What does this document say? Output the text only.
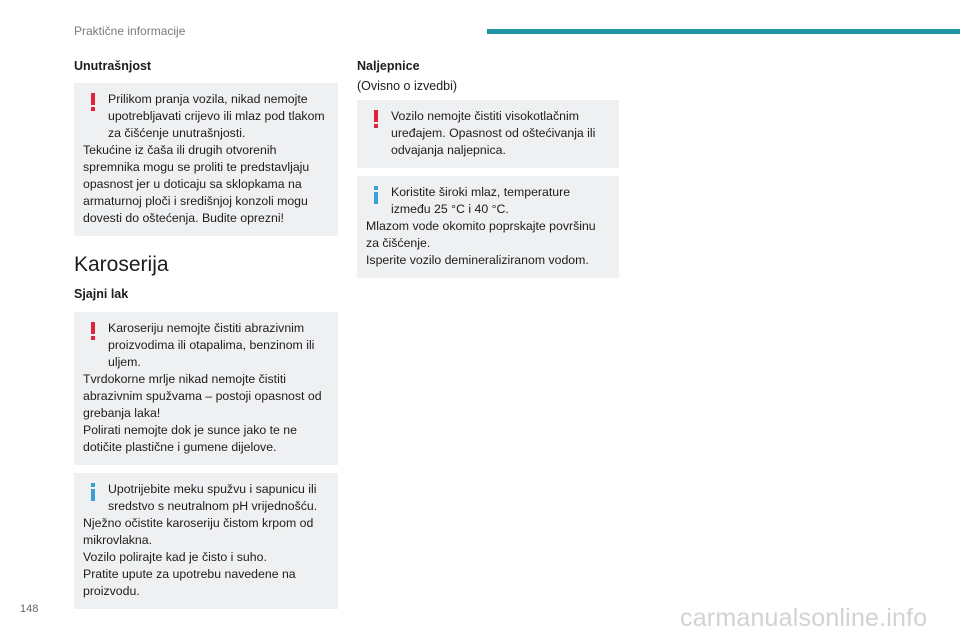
Praktične informacije
Unutrašnjost

Prilikom pranja vozila, nikad nemojte upotrebljavati crijevo ili mlaz pod tlakom za čišćenje unutrašnjosti.

Tekućine iz čaša ili drugih otvorenih spremnika mogu se proliti te predstavljaju opasnost jer u doticaju sa sklopkama na armaturnoj ploči i središnjoj konzoli mogu dovesti do oštećenja. Budite oprezni!

Karoserija
Sjajni lak

Karoseriju nemojte čistiti abrazivnim proizvodima ili otapalima, benzinom ili uljem.

Tvrdokorne mrlje nikad nemojte čistiti abrazivnim spužvama – postoji opasnost od grebanja laka!

Polirati nemojte dok je sunce jako te ne dotičite plastične i gumene dijelove.

Upotrijebite meku spužvu i sapunicu ili sredstvo s neutralnom pH vrijednošću.

Nježno očistite karoseriju čistom krpom od mikrovlakna.

Vozilo polirajte kad je čisto i suho.

Pratite upute za upotrebu navedene na proizvodu.

Naljepnice

(Ovisno o izvedbi)

Vozilo nemojte čistiti visokotlačnim uređajem. Opasnost od oštećivanja ili odvajanja naljepnica.

Koristite široki mlaz, temperature između 25 °C i 40 °C.

Mlazom vode okomito poprskajte površinu za čišćenje.

Isperite vozilo demineraliziranom vodom.

148	carmanualsonline.info
